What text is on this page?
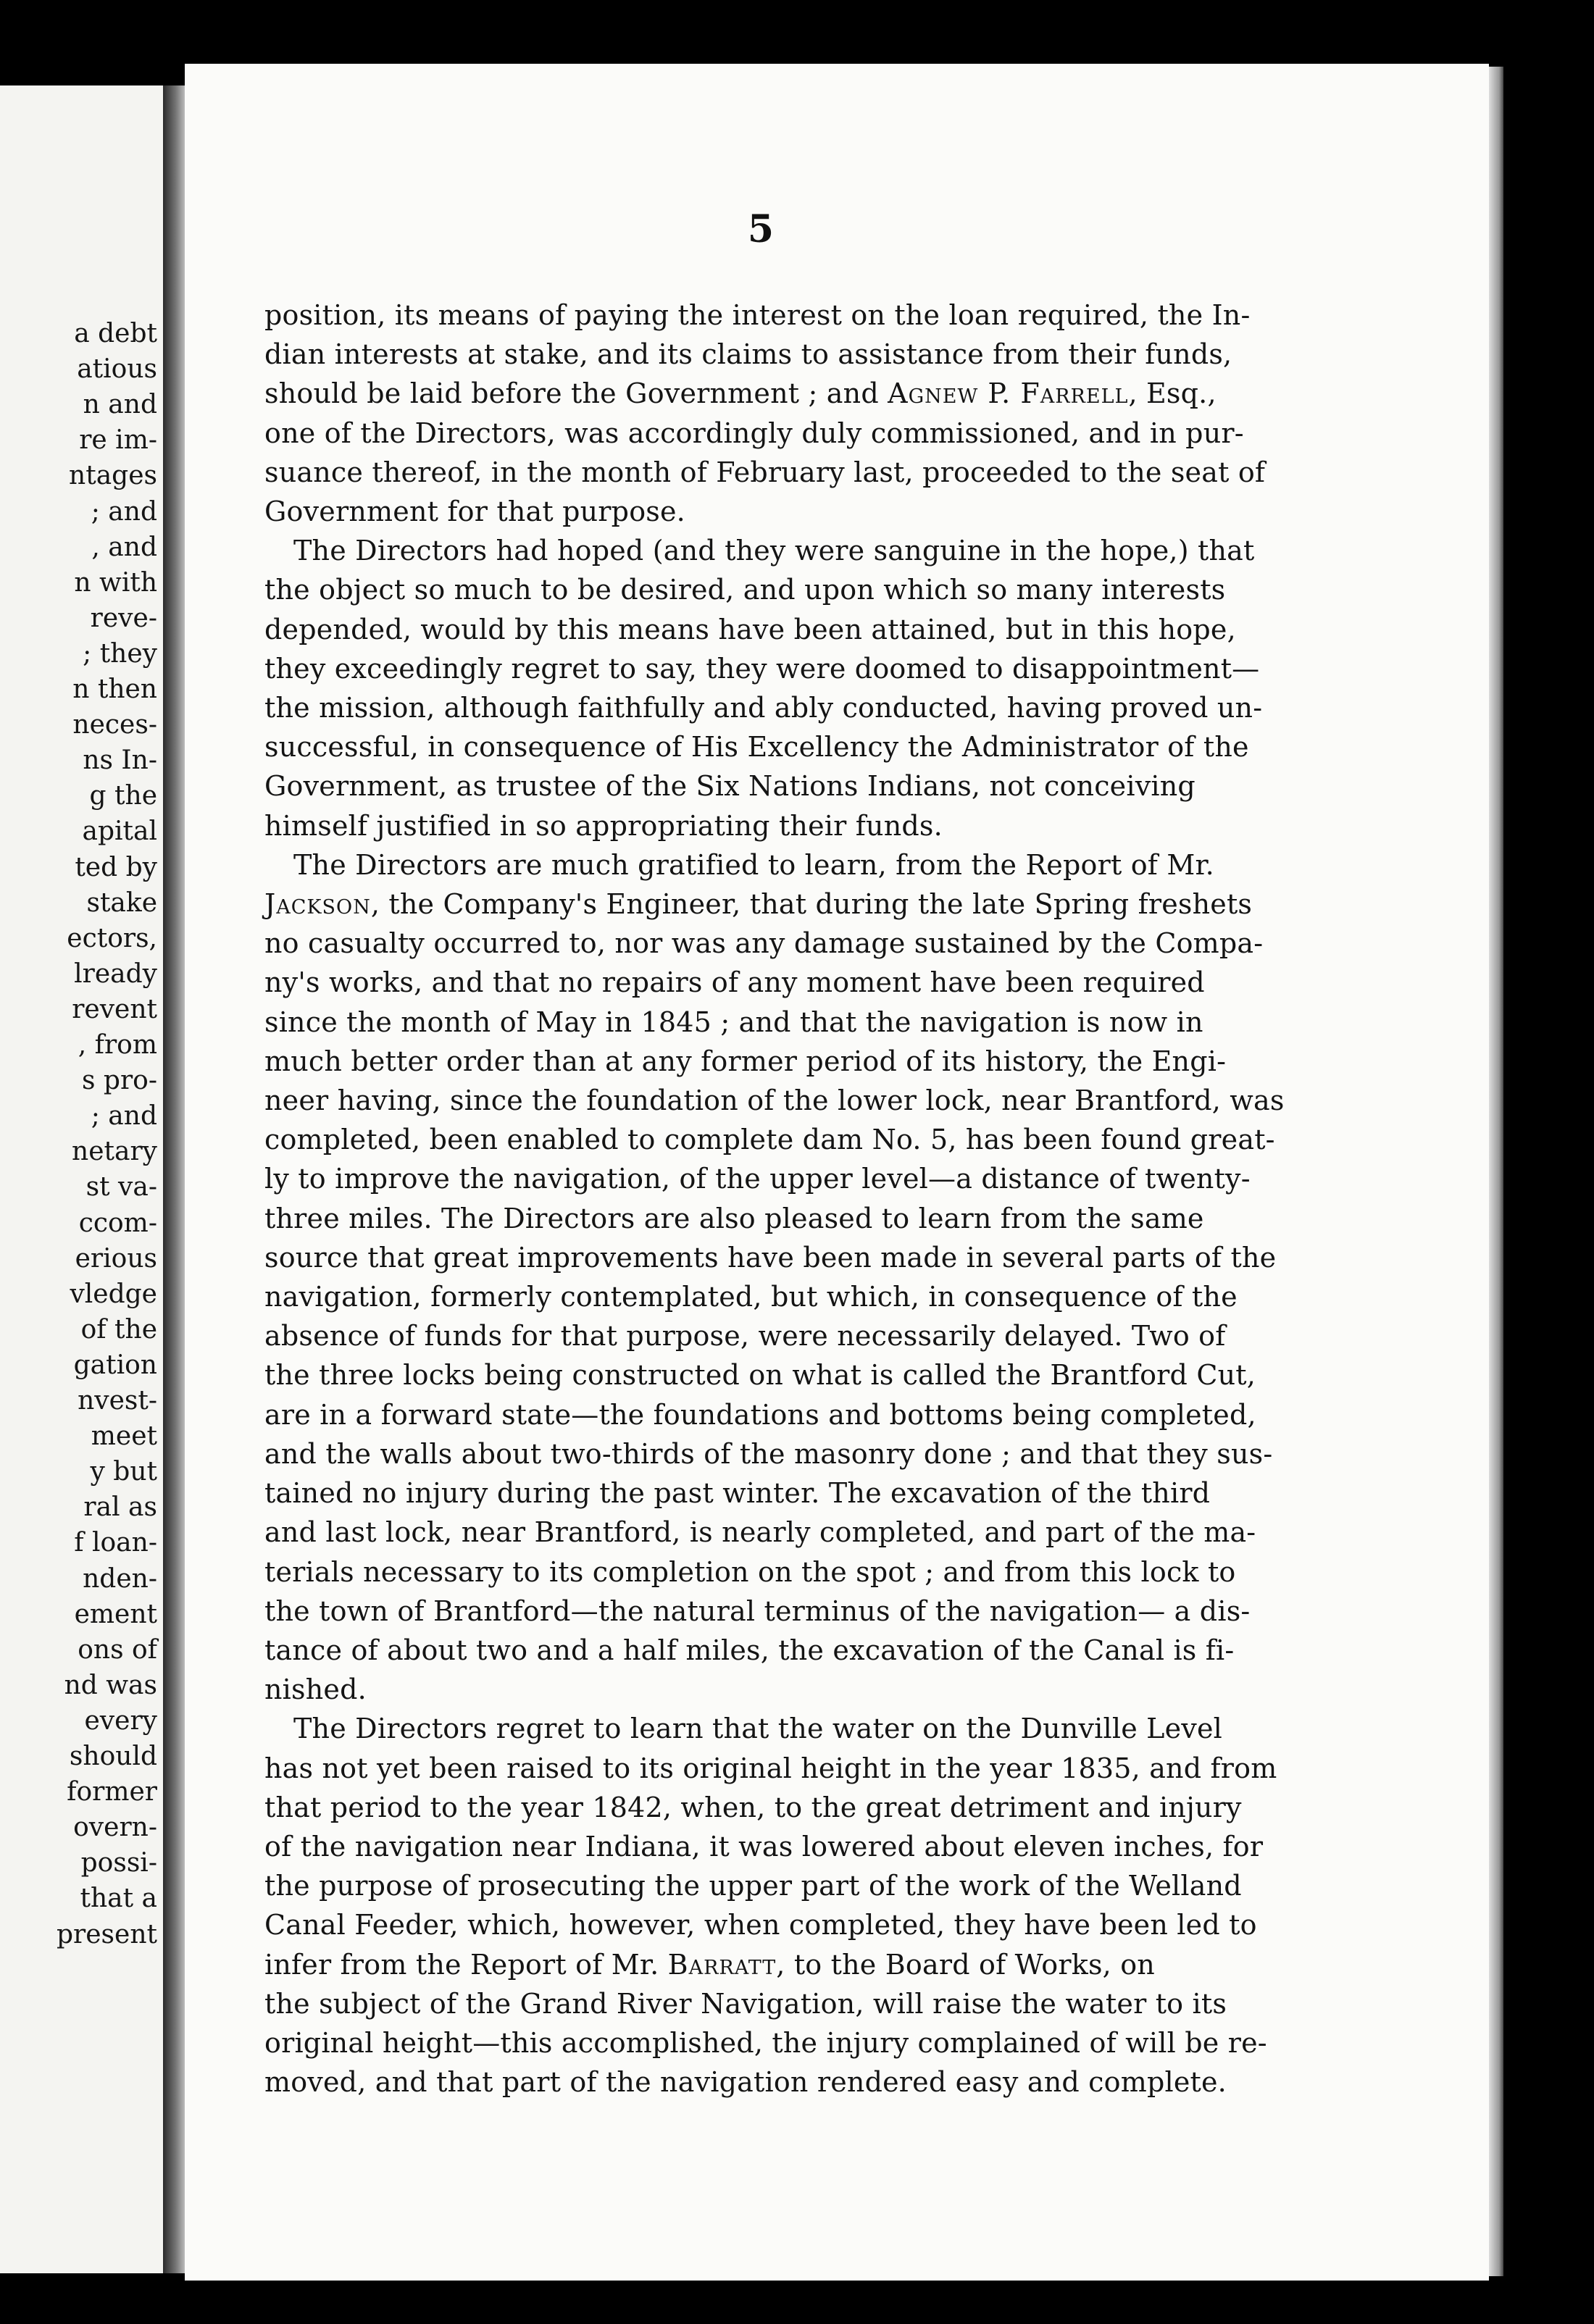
a debt
atious
n and
re im-
ntages
; and
, and
n with
reve-
; they
n then
neces-
ns In-
g the
apital
ted by
stake
ectors,
lready
revent
, from
s pro-
; and
netary
st va-
ccom-
erious
vledge
of the
gation
nvest-
meet
y but
ral as
f loan-
nden-
ement
ons of
nd was
every
should
former
overn-
possi-
that a
present
5
position, its means of paying the interest on the loan required, the In-
dian interests at stake, and its claims to assistance from their funds,
should be laid before the Government ; and Agnew P. Farrell, Esq.,
one of the Directors, was accordingly duly commissioned, and in pur-
suance thereof, in the month of February last, proceeded to the seat of
Government for that purpose.
The Directors had hoped (and they were sanguine in the hope,) that
the object so much to be desired, and upon which so many interests
depended, would by this means have been attained, but in this hope,
they exceedingly regret to say, they were doomed to disappointment—
the mission, although faithfully and ably conducted, having proved un-
successful, in consequence of His Excellency the Administrator of the
Government, as trustee of the Six Nations Indians, not conceiving
himself justified in so appropriating their funds.
The Directors are much gratified to learn, from the Report of Mr.
Jackson, the Company's Engineer, that during the late Spring freshets
no casualty occurred to, nor was any damage sustained by the Compa-
ny's works, and that no repairs of any moment have been required
since the month of May in 1845 ; and that the navigation is now in
much better order than at any former period of its history, the Engi-
neer having, since the foundation of the lower lock, near Brantford, was
completed, been enabled to complete dam No. 5, has been found great-
ly to improve the navigation, of the upper level—a distance of twenty-
three miles. The Directors are also pleased to learn from the same
source that great improvements have been made in several parts of the
navigation, formerly contemplated, but which, in consequence of the
absence of funds for that purpose, were necessarily delayed. Two of
the three locks being constructed on what is called the Brantford Cut,
are in a forward state—the foundations and bottoms being completed,
and the walls about two-thirds of the masonry done ; and that they sus-
tained no injury during the past winter. The excavation of the third
and last lock, near Brantford, is nearly completed, and part of the ma-
terials necessary to its completion on the spot ; and from this lock to
the town of Brantford—the natural terminus of the navigation— a dis-
tance of about two and a half miles, the excavation of the Canal is fi-
nished.
The Directors regret to learn that the water on the Dunville Level
has not yet been raised to its original height in the year 1835, and from
that period to the year 1842, when, to the great detriment and injury
of the navigation near Indiana, it was lowered about eleven inches, for
the purpose of prosecuting the upper part of the work of the Welland
Canal Feeder, which, however, when completed, they have been led to
infer from the Report of Mr. Barratt, to the Board of Works, on
the subject of the Grand River Navigation, will raise the water to its
original height—this accomplished, the injury complained of will be re-
moved, and that part of the navigation rendered easy and complete.
